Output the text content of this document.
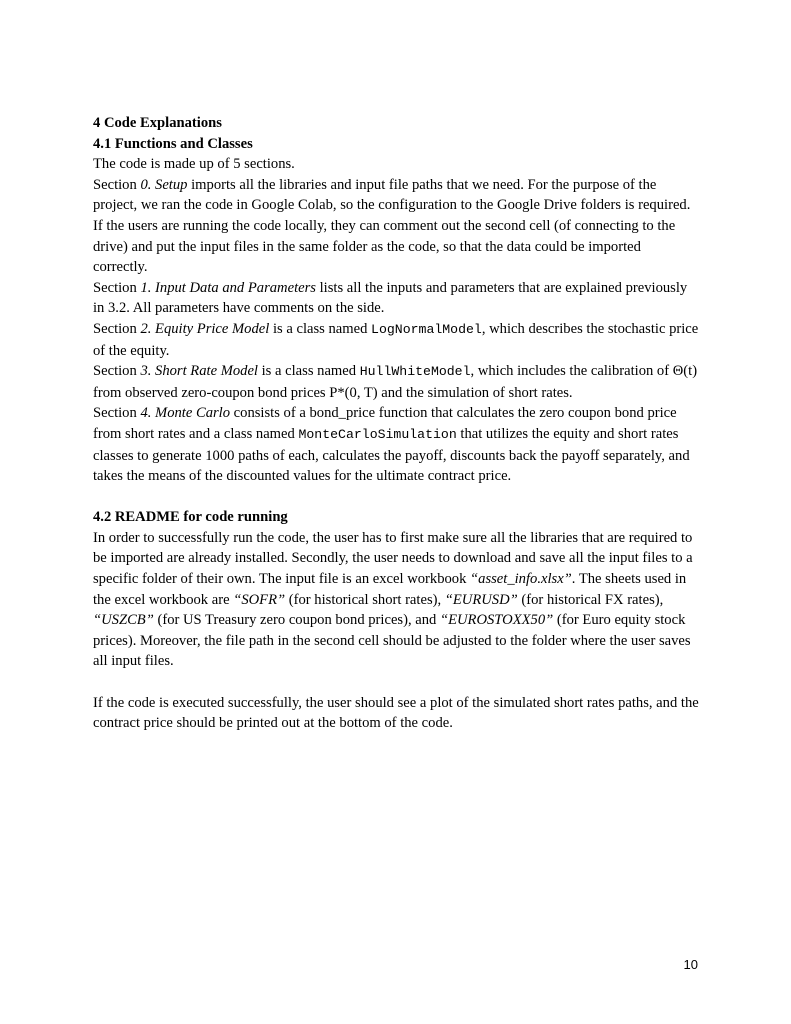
4 Code Explanations

4.1 Functions and Classes

The code is made up of 5 sections.

Section 0. Setup imports all the libraries and input file paths that we need. For the purpose of the project, we ran the code in Google Colab, so the configuration to the Google Drive folders is required. If the users are running the code locally, they can comment out the second cell (of connecting to the drive) and put the input files in the same folder as the code, so that the data could be imported correctly.

Section 1. Input Data and Parameters lists all the inputs and parameters that are explained previously in 3.2. All parameters have comments on the side.

Section 2. Equity Price Model is a class named LogNormalModel, which describes the stochastic price of the equity.

Section 3. Short Rate Model is a class named HullWhiteModel, which includes the calibration of Θ(t) from observed zero-coupon bond prices P*(0, T) and the simulation of short rates.

Section 4. Monte Carlo consists of a bond_price function that calculates the zero coupon bond price from short rates and a class named MonteCarloSimulation that utilizes the equity and short rates classes to generate 1000 paths of each, calculates the payoff, discounts back the payoff separately, and takes the means of the discounted values for the ultimate contract price.

4.2 README for code running

In order to successfully run the code, the user has to first make sure all the libraries that are required to be imported are already installed. Secondly, the user needs to download and save all the input files to a specific folder of their own. The input file is an excel workbook “asset_info.xlsx”. The sheets used in the excel workbook are “SOFR” (for historical short rates), “EURUSD” (for historical FX rates), “USZCB” (for US Treasury zero coupon bond prices), and “EUROSTOXX50” (for Euro equity stock prices). Moreover, the file path in the second cell should be adjusted to the folder where the user saves all input files.

If the code is executed successfully, the user should see a plot of the simulated short rates paths, and the contract price should be printed out at the bottom of the code.

10
